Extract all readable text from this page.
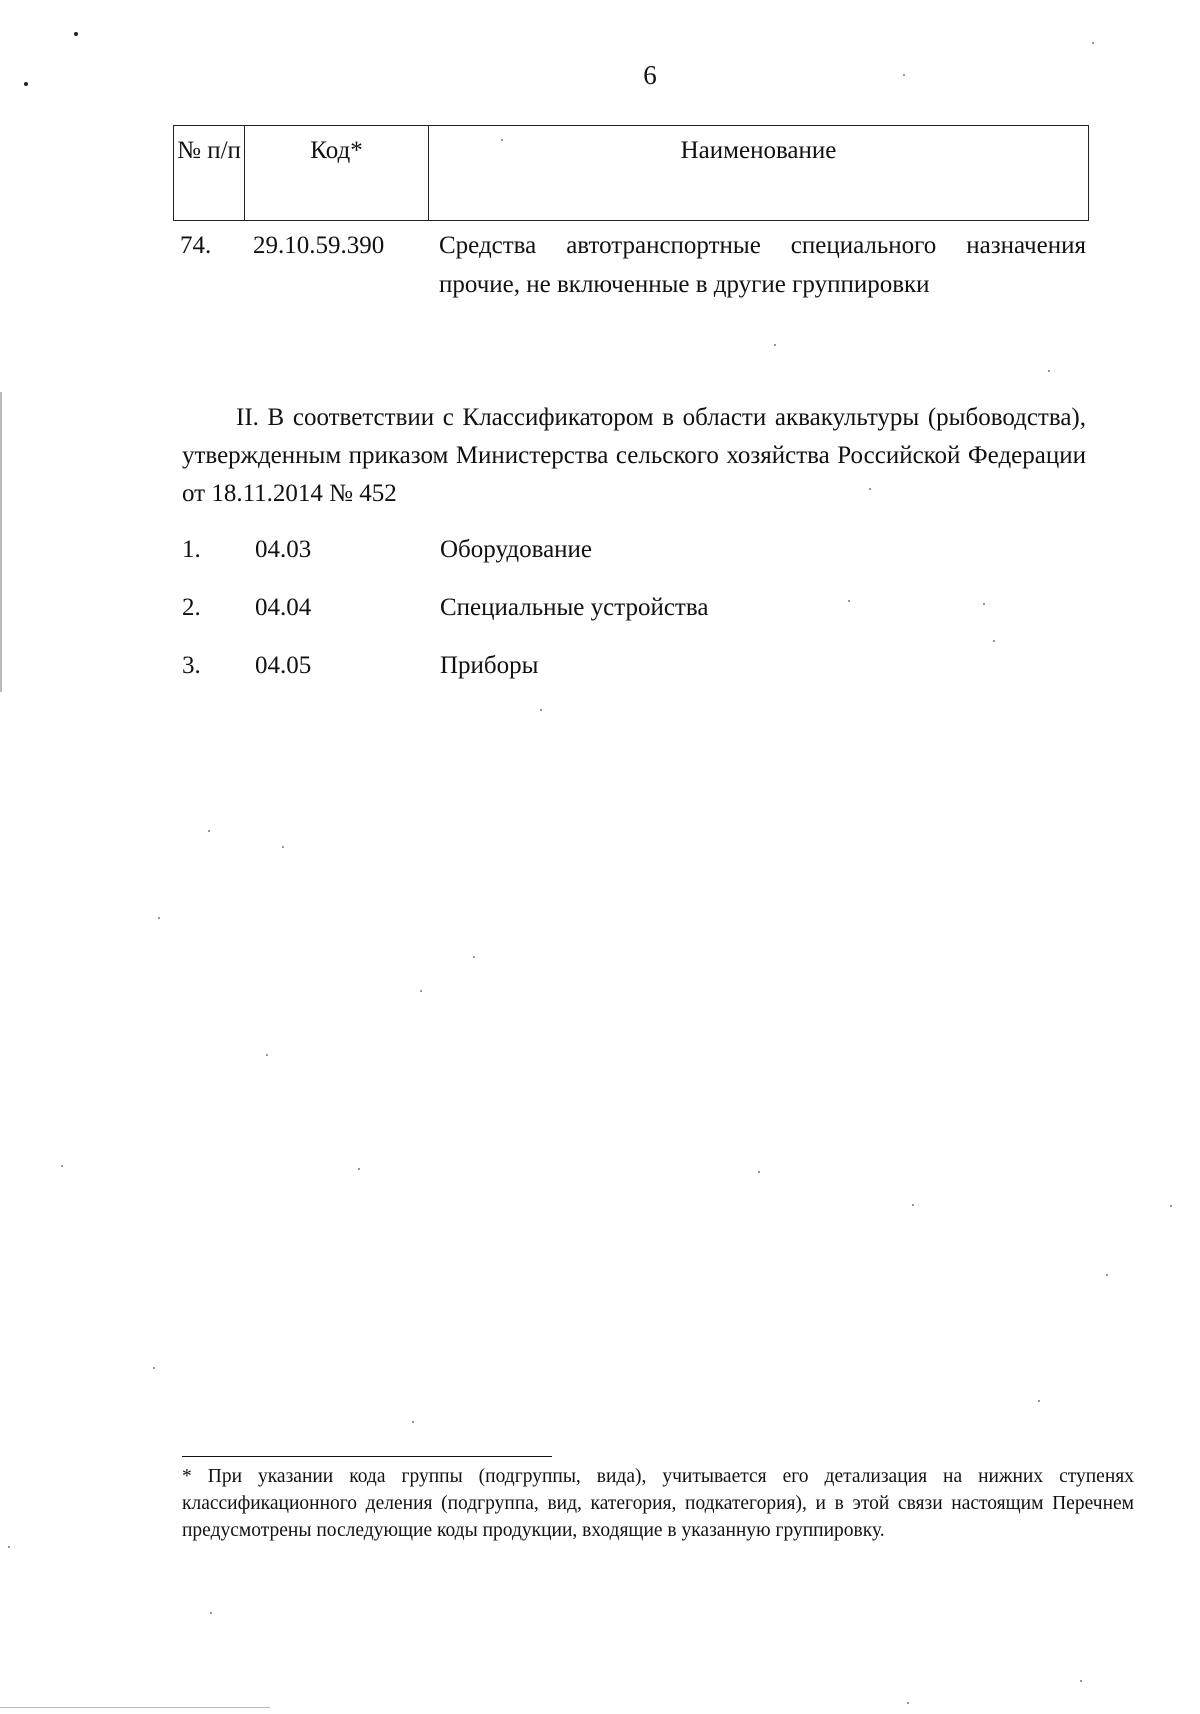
6
№ п/п	Код*	Наименование
74. 29.10.59.390 Средства автотранспортные специального назначения прочие, не включенные в другие группировки

II. В соответствии с Классификатором в области аквакультуры (рыбоводства), утвержденным приказом Министерства сельского хозяйства Российской Федерации от 18.11.2014 № 452

1. 04.03	Оборудование
2. 04.04	Специальные устройства
3. 04.05	Приборы

* При указании кода группы (подгруппы, вида), учитывается его детализация на нижних ступенях классификационного деления (подгруппа, вид, категория, подкатегория), и в этой связи настоящим Перечнем предусмотрены последующие коды продукции, входящие в указанную группировку.
